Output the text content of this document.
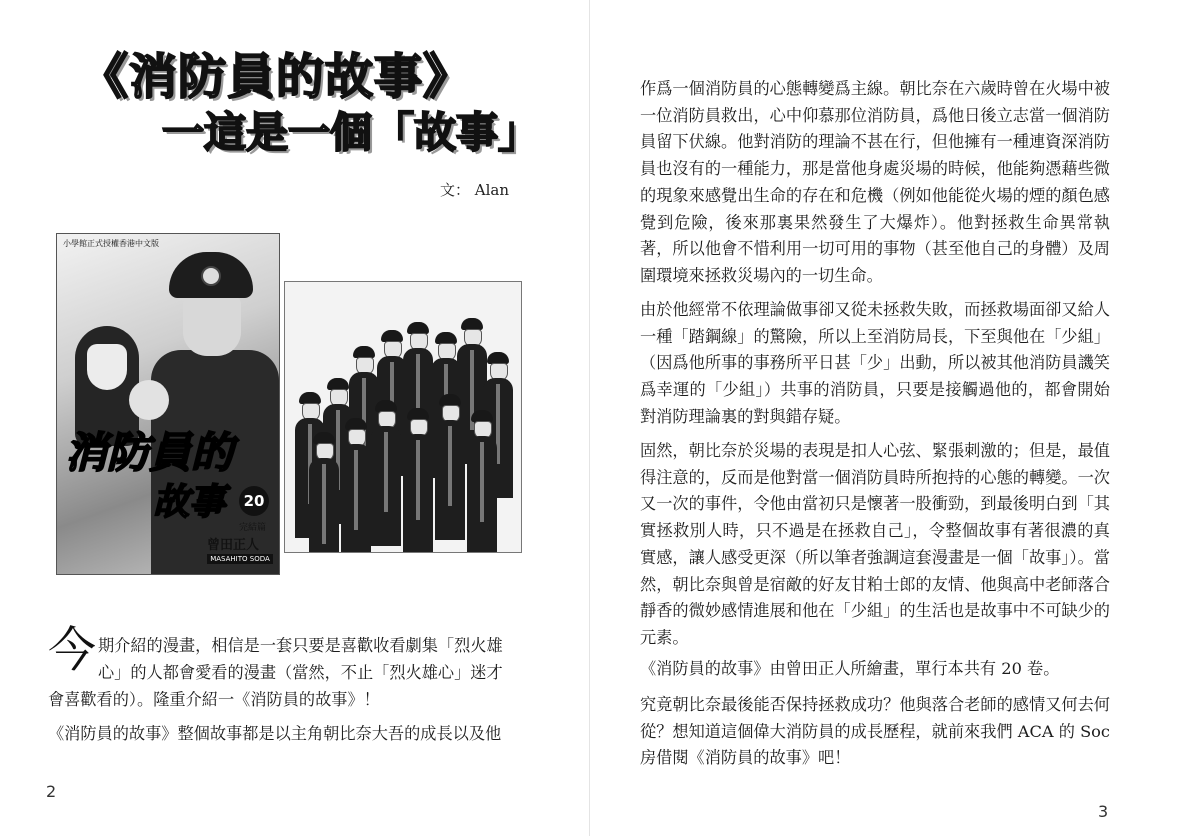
《消防員的故事》
一這是一個「故事」
文： Alan
小學館正式授權香港中文版
消防員的
故事	20
完結篇
曾田正人
MASAHITO SODA
今 期介紹的漫畫，相信是一套只要是喜歡收看劇集「烈火雄
心」的人都會愛看的漫畫（當然，不止「烈火雄心」迷才
會喜歡看的）。隆重介紹一《消防員的故事》！

《消防員的故事》整個故事都是以主角朝比奈大吾的成長以及他

2

作爲一個消防員的心態轉變爲主線。朝比奈在六歲時曾在火場中被一位消防員救出，心中仰慕那位消防員，爲他日後立志當一個消防員留下伏線。他對消防的理論不甚在行，但他擁有一種連資深消防員也沒有的一種能力，那是當他身處災場的時候，他能夠憑藉些微的現象來感覺出生命的存在和危機（例如他能從火場的煙的顏色感覺到危險，後來那裏果然發生了大爆炸）。他對拯救生命異常執著，所以他會不惜利用一切可用的事物（甚至他自己的身體）及周圍環境來拯救災場內的一切生命。

由於他經常不依理論做事卻又從未拯救失敗，而拯救場面卻又給人一種「踏鋼線」的驚險，所以上至消防局長，下至與他在「少組」（因爲他所事的事務所平日甚「少」出動，所以被其他消防員譏笑爲幸運的「少組」）共事的消防員，只要是接觸過他的，都會開始對消防理論裏的對與錯存疑。

固然，朝比奈於災場的表現是扣人心弦、緊張刺激的；但是，最值得注意的，反而是他對當一個消防員時所抱持的心態的轉變。一次又一次的事件，令他由當初只是懷著一股衝勁，到最後明白到「其實拯救別人時，只不過是在拯救自己」，令整個故事有著很濃的真實感，讓人感受更深（所以筆者強調這套漫畫是一個「故事」）。當然，朝比奈與曾是宿敵的好友甘粕士郎的友情、他與高中老師落合靜香的微妙感情進展和他在「少組」的生活也是故事中不可缺少的元素。

《消防員的故事》由曾田正人所繪畫，單行本共有 20 卷。

究竟朝比奈最後能否保持拯救成功？他與落合老師的感情又何去何從？想知道這個偉大消防員的成長歷程，就前來我們 ACA 的 Soc 房借閱《消防員的故事》吧！

3
